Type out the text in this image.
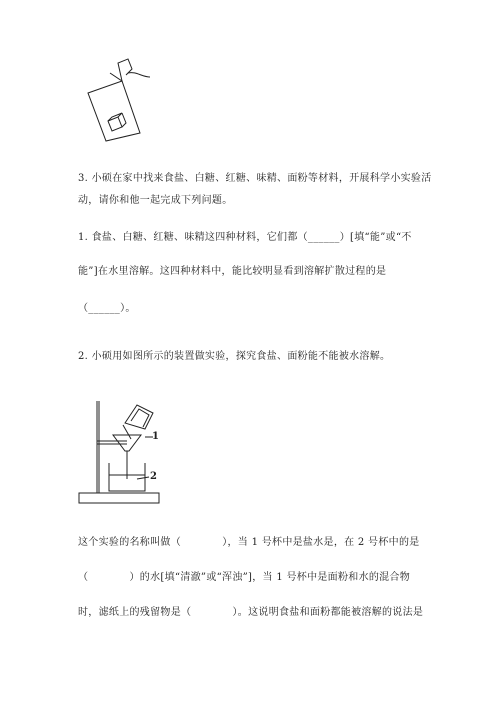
3. 小硕在家中找来食盐、白糖、红糖、味精、面粉等材料，开展科学小实验活
动，请你和他一起完成下列问题。
1. 食盐、白糖、红糖、味精这四种材料，它们都（______）[填“能”或“不
能”]在水里溶解。这四种材料中，能比较明显看到溶解扩散过程的是
（______）。
2. 小硕用如图所示的装置做实验，探究食盐、面粉能不能被水溶解。
1
2
这个实验的名称叫做（　　　　），当 1 号杯中是盐水是，在 2 号杯中的是
（　　　　）的水[填“清澈”或“浑浊”]，当 1 号杯中是面粉和水的混合物
时，滤纸上的残留物是（　　　　）。这说明食盐和面粉都能被溶解的说法是
